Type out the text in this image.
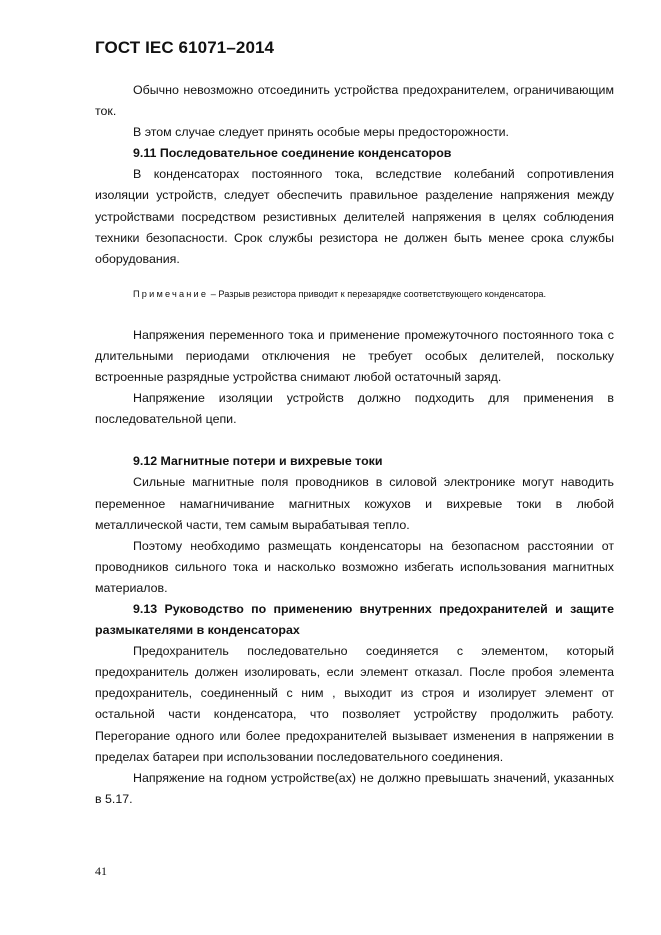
ГОСТ IEC 61071–2014

Обычно невозможно отсоединить устройства предохранителем, ограничивающим ток.

В этом случае следует принять особые меры предосторожности.

9.11 Последовательное соединение конденсаторов

В конденсаторах постоянного тока, вследствие колебаний сопротивления изоляции устройств, следует обеспечить правильное разделение напряжения между устройствами посредством резистивных делителей напряжения в целях соблюдения техники безопасности. Срок службы резистора не должен быть менее срока службы оборудования.

Примечание – Разрыв резистора приводит к перезарядке соответствующего конденсатора.

Напряжения переменного тока и применение промежуточного постоянного тока с длительными периодами отключения не требует особых делителей, поскольку встроенные разрядные устройства снимают любой остаточный заряд.

Напряжение изоляции устройств должно подходить для применения в последовательной цепи.

9.12 Магнитные потери и вихревые токи

Сильные магнитные поля проводников в силовой электронике могут наводить переменное намагничивание магнитных кожухов и вихревые токи в любой металлической части, тем самым вырабатывая тепло.

Поэтому необходимо размещать конденсаторы на безопасном расстоянии от проводников сильного тока и насколько возможно избегать использования магнитных материалов.

9.13 Руководство по применению внутренних предохранителей и защите размыкателями в конденсаторах

Предохранитель последовательно соединяется с элементом, который предохранитель должен изолировать, если элемент отказал. После пробоя элемента предохранитель, соединенный с ним , выходит из строя и изолирует элемент от остальной части конденсатора, что позволяет устройству продолжить работу. Перегорание одного или более предохранителей вызывает изменения в напряжении в пределах батареи при использовании последовательного соединения.

Напряжение на годном устройстве(ах) не должно превышать значений, указанных в 5.17.

41
